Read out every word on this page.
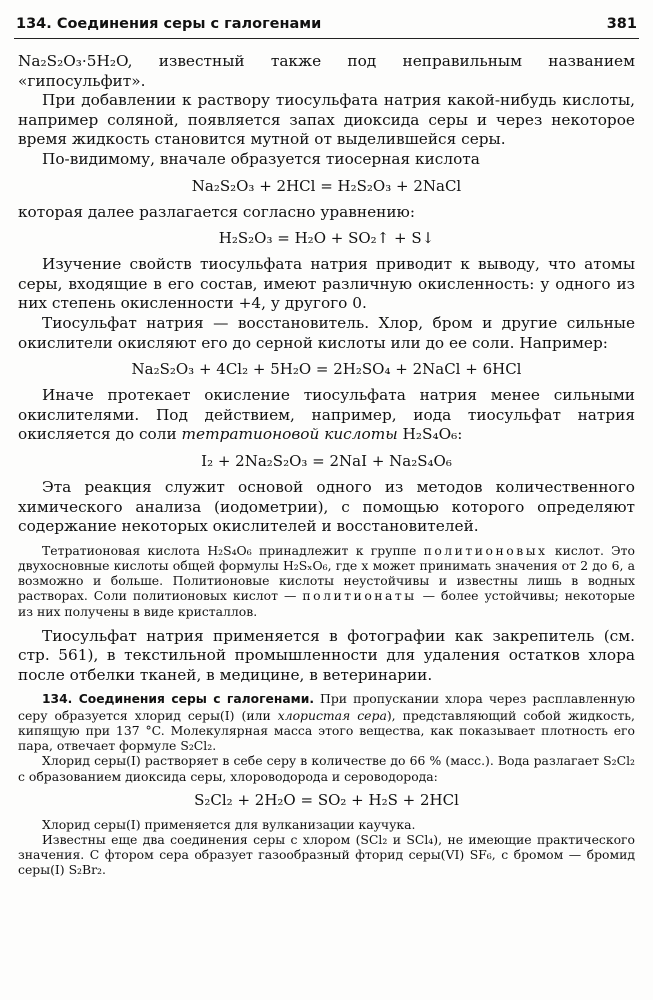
134. Соединения серы с галогенами	381

Na₂S₂O₃·5H₂O, известный также под неправильным названием «гипосульфит».

При добавлении к раствору тиосульфата натрия какой-нибудь кислоты, например соляной, появляется запах диоксида серы и через некоторое время жидкость становится мутной от выделившейся серы.

По-видимому, вначале образуется тиосерная кислота

Na₂S₂O₃ + 2HCl = H₂S₂O₃ + 2NaCl

которая далее разлагается согласно уравнению:

H₂S₂O₃ = H₂O + SO₂↑ + S↓

Изучение свойств тиосульфата натрия приводит к выводу, что атомы серы, входящие в его состав, имеют различную окисленность: у одного из них степень окисленности +4, у другого 0.

Тиосульфат натрия — восстановитель. Хлор, бром и другие сильные окислители окисляют его до серной кислоты или до ее соли. Например:

Na₂S₂O₃ + 4Cl₂ + 5H₂O = 2H₂SO₄ + 2NaCl + 6HCl

Иначе протекает окисление тиосульфата натрия менее сильными окислителями. Под действием, например, иода тиосульфат натрия окисляется до соли тетратионовой кислоты H₂S₄O₆:

I₂ + 2Na₂S₂O₃ = 2NaI + Na₂S₄O₆

Эта реакция служит основой одного из методов количественного химического анализа (иодометрии), с помощью которого определяют содержание некоторых окислителей и восстановителей.

Тетратионовая кислота H₂S₄O₆ принадлежит к группе политионовых кислот. Это двухосновные кислоты общей формулы H₂SₓO₆, где x может принимать значения от 2 до 6, а возможно и больше. Политионовые кислоты неустойчивы и известны лишь в водных растворах. Соли политионовых кислот — политионаты — более устойчивы; некоторые из них получены в виде кристаллов.

Тиосульфат натрия применяется в фотографии как закрепитель (см. стр. 561), в текстильной промышленности для удаления остатков хлора после отбелки тканей, в медицине, в ветеринарии.

134. Соединения серы с галогенами. При пропускании хлора через расплавленную серу образуется хлорид серы(I) (или хлористая сера), представляющий собой жидкость, кипящую при 137 °C. Молекулярная масса этого вещества, как показывает плотность его пара, отвечает формуле S₂Cl₂.

Хлорид серы(I) растворяет в себе серу в количестве до 66 % (масс.). Вода разлагает S₂Cl₂ с образованием диоксида серы, хлороводорода и сероводорода:

S₂Cl₂ + 2H₂O = SO₂ + H₂S + 2HCl

Хлорид серы(I) применяется для вулканизации каучука.

Известны еще два соединения серы с хлором (SCl₂ и SCl₄), не имеющие практического значения. С фтором сера образует газообразный фторид серы(VI) SF₆, с бромом — бромид серы(I) S₂Br₂.
